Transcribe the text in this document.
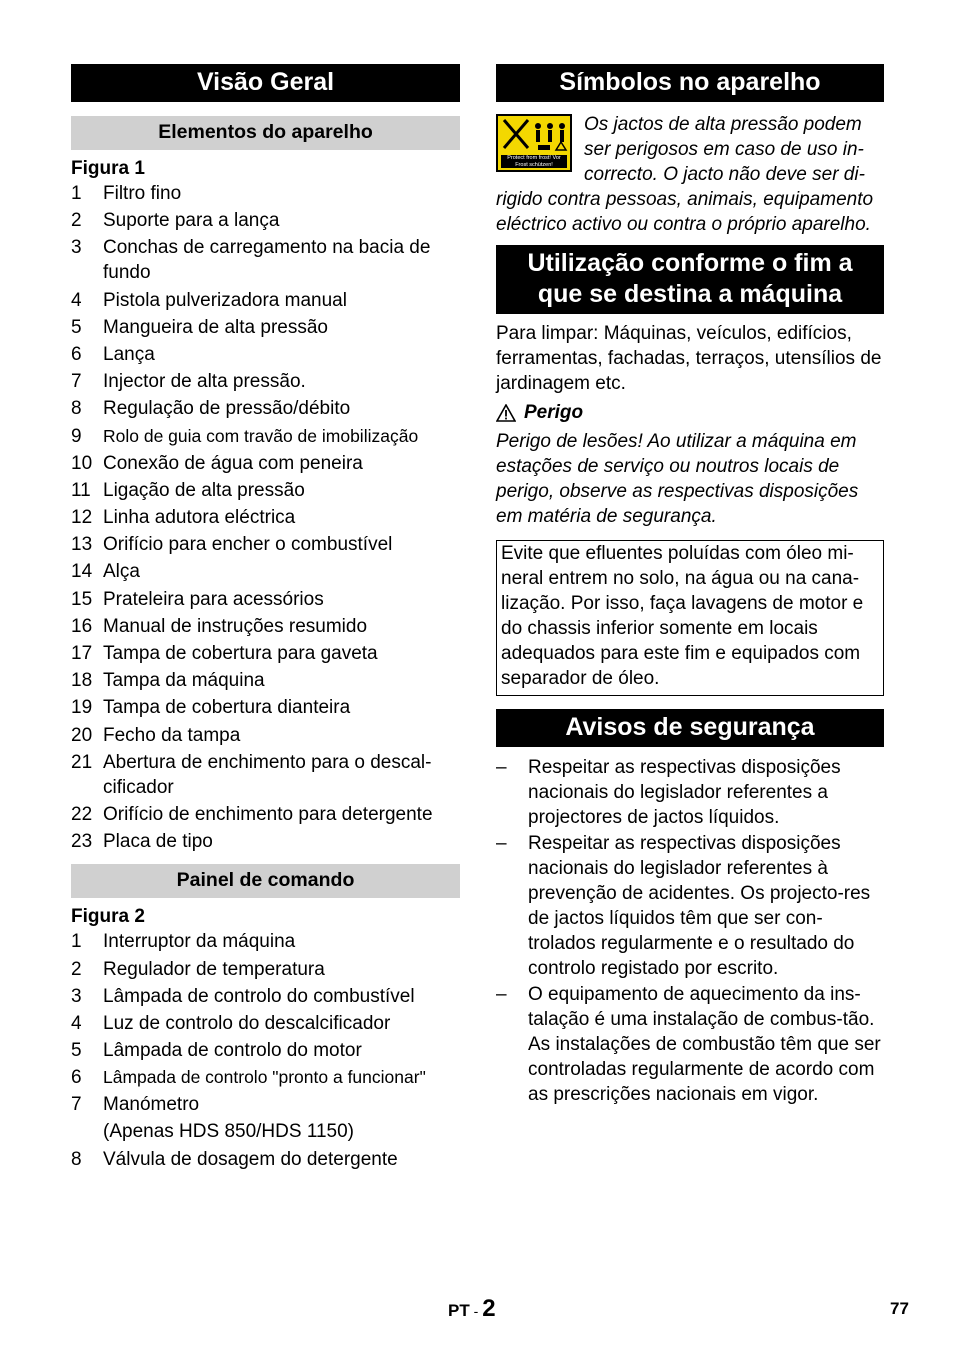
Visão Geral
Elementos do aparelho
Figura 1
1	Filtro fino
2	Suporte para a lança
3	Conchas de carregamento na bacia de fundo
4	Pistola pulverizadora manual
5	Mangueira de alta pressão
6	Lança
7	Injector de alta pressão.
8	Regulação de pressão/débito
9	Rolo de guia com travão de imobilização
10 Conexão de água com peneira
11 Ligação de alta pressão
12 Linha adutora eléctrica
13 Orifício para encher o combustível
14 Alça
15 Prateleira para acessórios
16 Manual de instruções resumido
17 Tampa de cobertura para gaveta
18 Tampa da máquina
19 Tampa de cobertura dianteira
20 Fecho da tampa
21 Abertura de enchimento para o descal-cificador
22 Orifício de enchimento para detergente
23 Placa de tipo
Painel de comando
Figura 2
1	Interruptor da máquina
2	Regulador de temperatura
3	Lâmpada de controlo do combustível
4	Luz de controlo do descalcificador
5	Lâmpada de controlo do motor
6	Lâmpada de controlo "pronto a funcionar"
7	Manómetro
(Apenas HDS 850/HDS 1150)
8	Válvula de dosagem do detergente
Símbolos no aparelho
Protect from frost! Vor Frost schützen!

Os jactos de alta pressão podem ser perigosos em caso de uso in-correcto. O jacto não deve ser di-rigido contra pessoas, animais, equipamento eléctrico activo ou contra o próprio aparelho.

Utilização conforme o fim a
que se destina a máquina

Para limpar: Máquinas, veículos, edifícios, ferramentas, fachadas, terraços, utensílios de jardinagem etc.

Perigo

Perigo de lesões! Ao utilizar a máquina em estações de serviço ou noutros locais de perigo, observe as respectivas disposições em matéria de segurança.

Evite que efluentes poluídas com óleo mi-neral entrem no solo, na água ou na cana-lização. Por isso, faça lavagens de motor e do chassis inferior somente em locais adequados para este fim e equipados com separador de óleo.
Avisos de segurança
–	Respeitar as respectivas disposições nacionais do legislador referentes a projectores de jactos líquidos.
–	Respeitar as respectivas disposições nacionais do legislador referentes à prevenção de acidentes. Os projecto-res de jactos líquidos têm que ser con-trolados regularmente e o resultado do controlo registado por escrito.
–	O equipamento de aquecimento da ins-talação é uma instalação de combus-tão. As instalações de combustão têm que ser controladas regularmente de acordo com as prescrições nacionais em vigor.
PT - 2	77
